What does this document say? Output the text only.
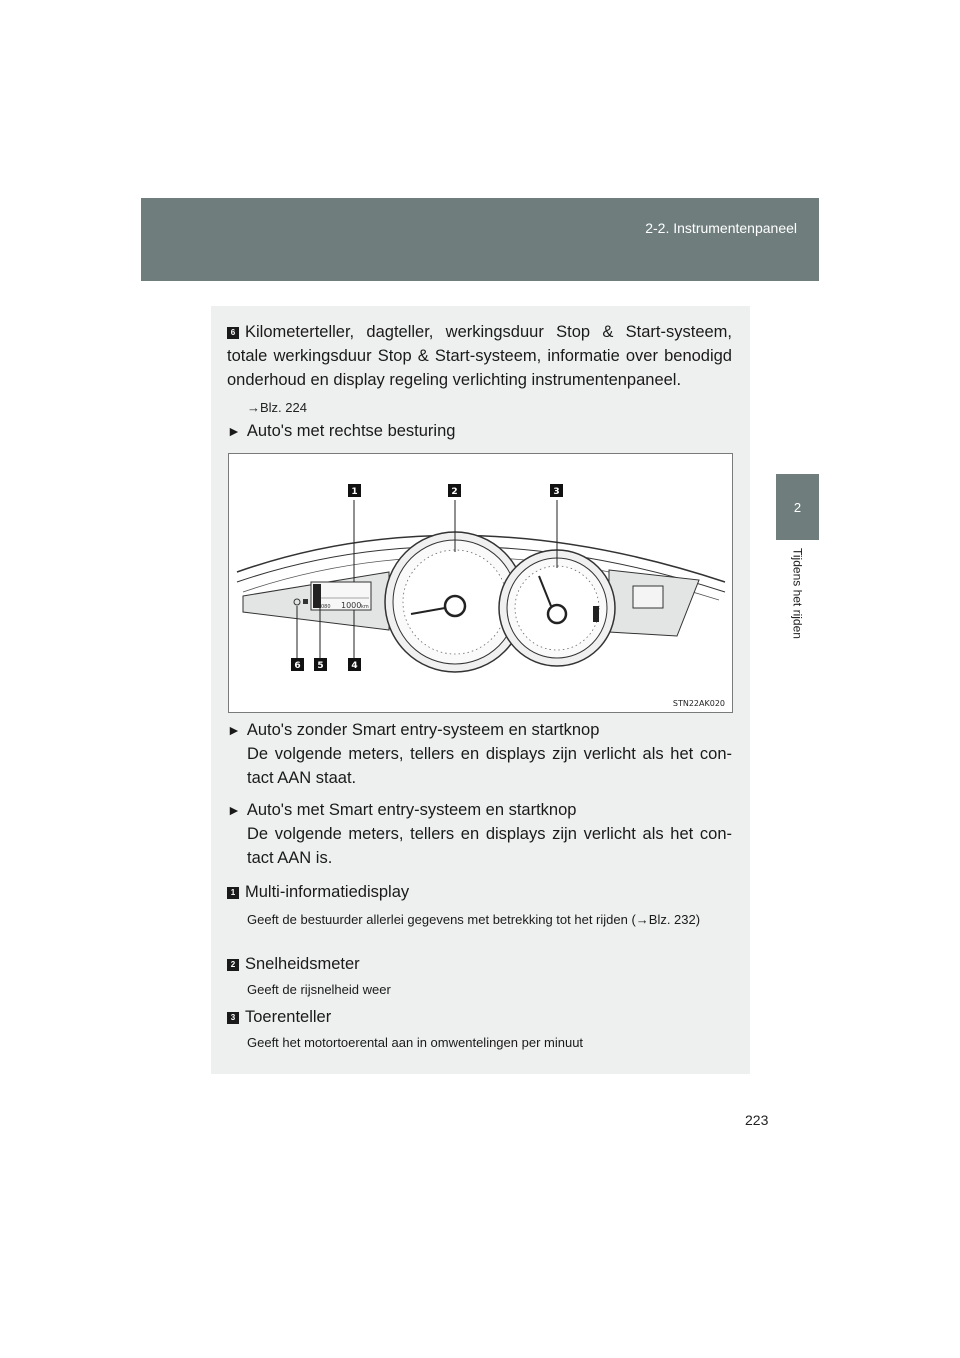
2-2. Instrumentenpaneel
2
Tijdens het rijden
6 Kilometerteller, dagteller, werkingsduur Stop & Start-systeem, totale werkingsduur Stop & Start-systeem, informatie over benodigd onderhoud en display regeling verlichting instrumentenpaneel.
→Blz. 224
► Auto's met rechtse besturing
► Auto's zonder Smart entry-systeem en startknop
De volgende meters, tellers en displays zijn verlicht als het con-tact AAN staat.
► Auto's met Smart entry-systeem en startknop
De volgende meters, tellers en displays zijn verlicht als het con-tact AAN is.
1 Multi-informatiedisplay
Geeft de bestuurder allerlei gegevens met betrekking tot het rijden (→Blz. 232)
2 Snelheidsmeter
Geeft de rijsnelheid weer
3 Toerenteller
Geeft het motortoerental aan in omwentelingen per minuut
080 1000 km
1	2	3
4
5
6
STN22AK020
223
